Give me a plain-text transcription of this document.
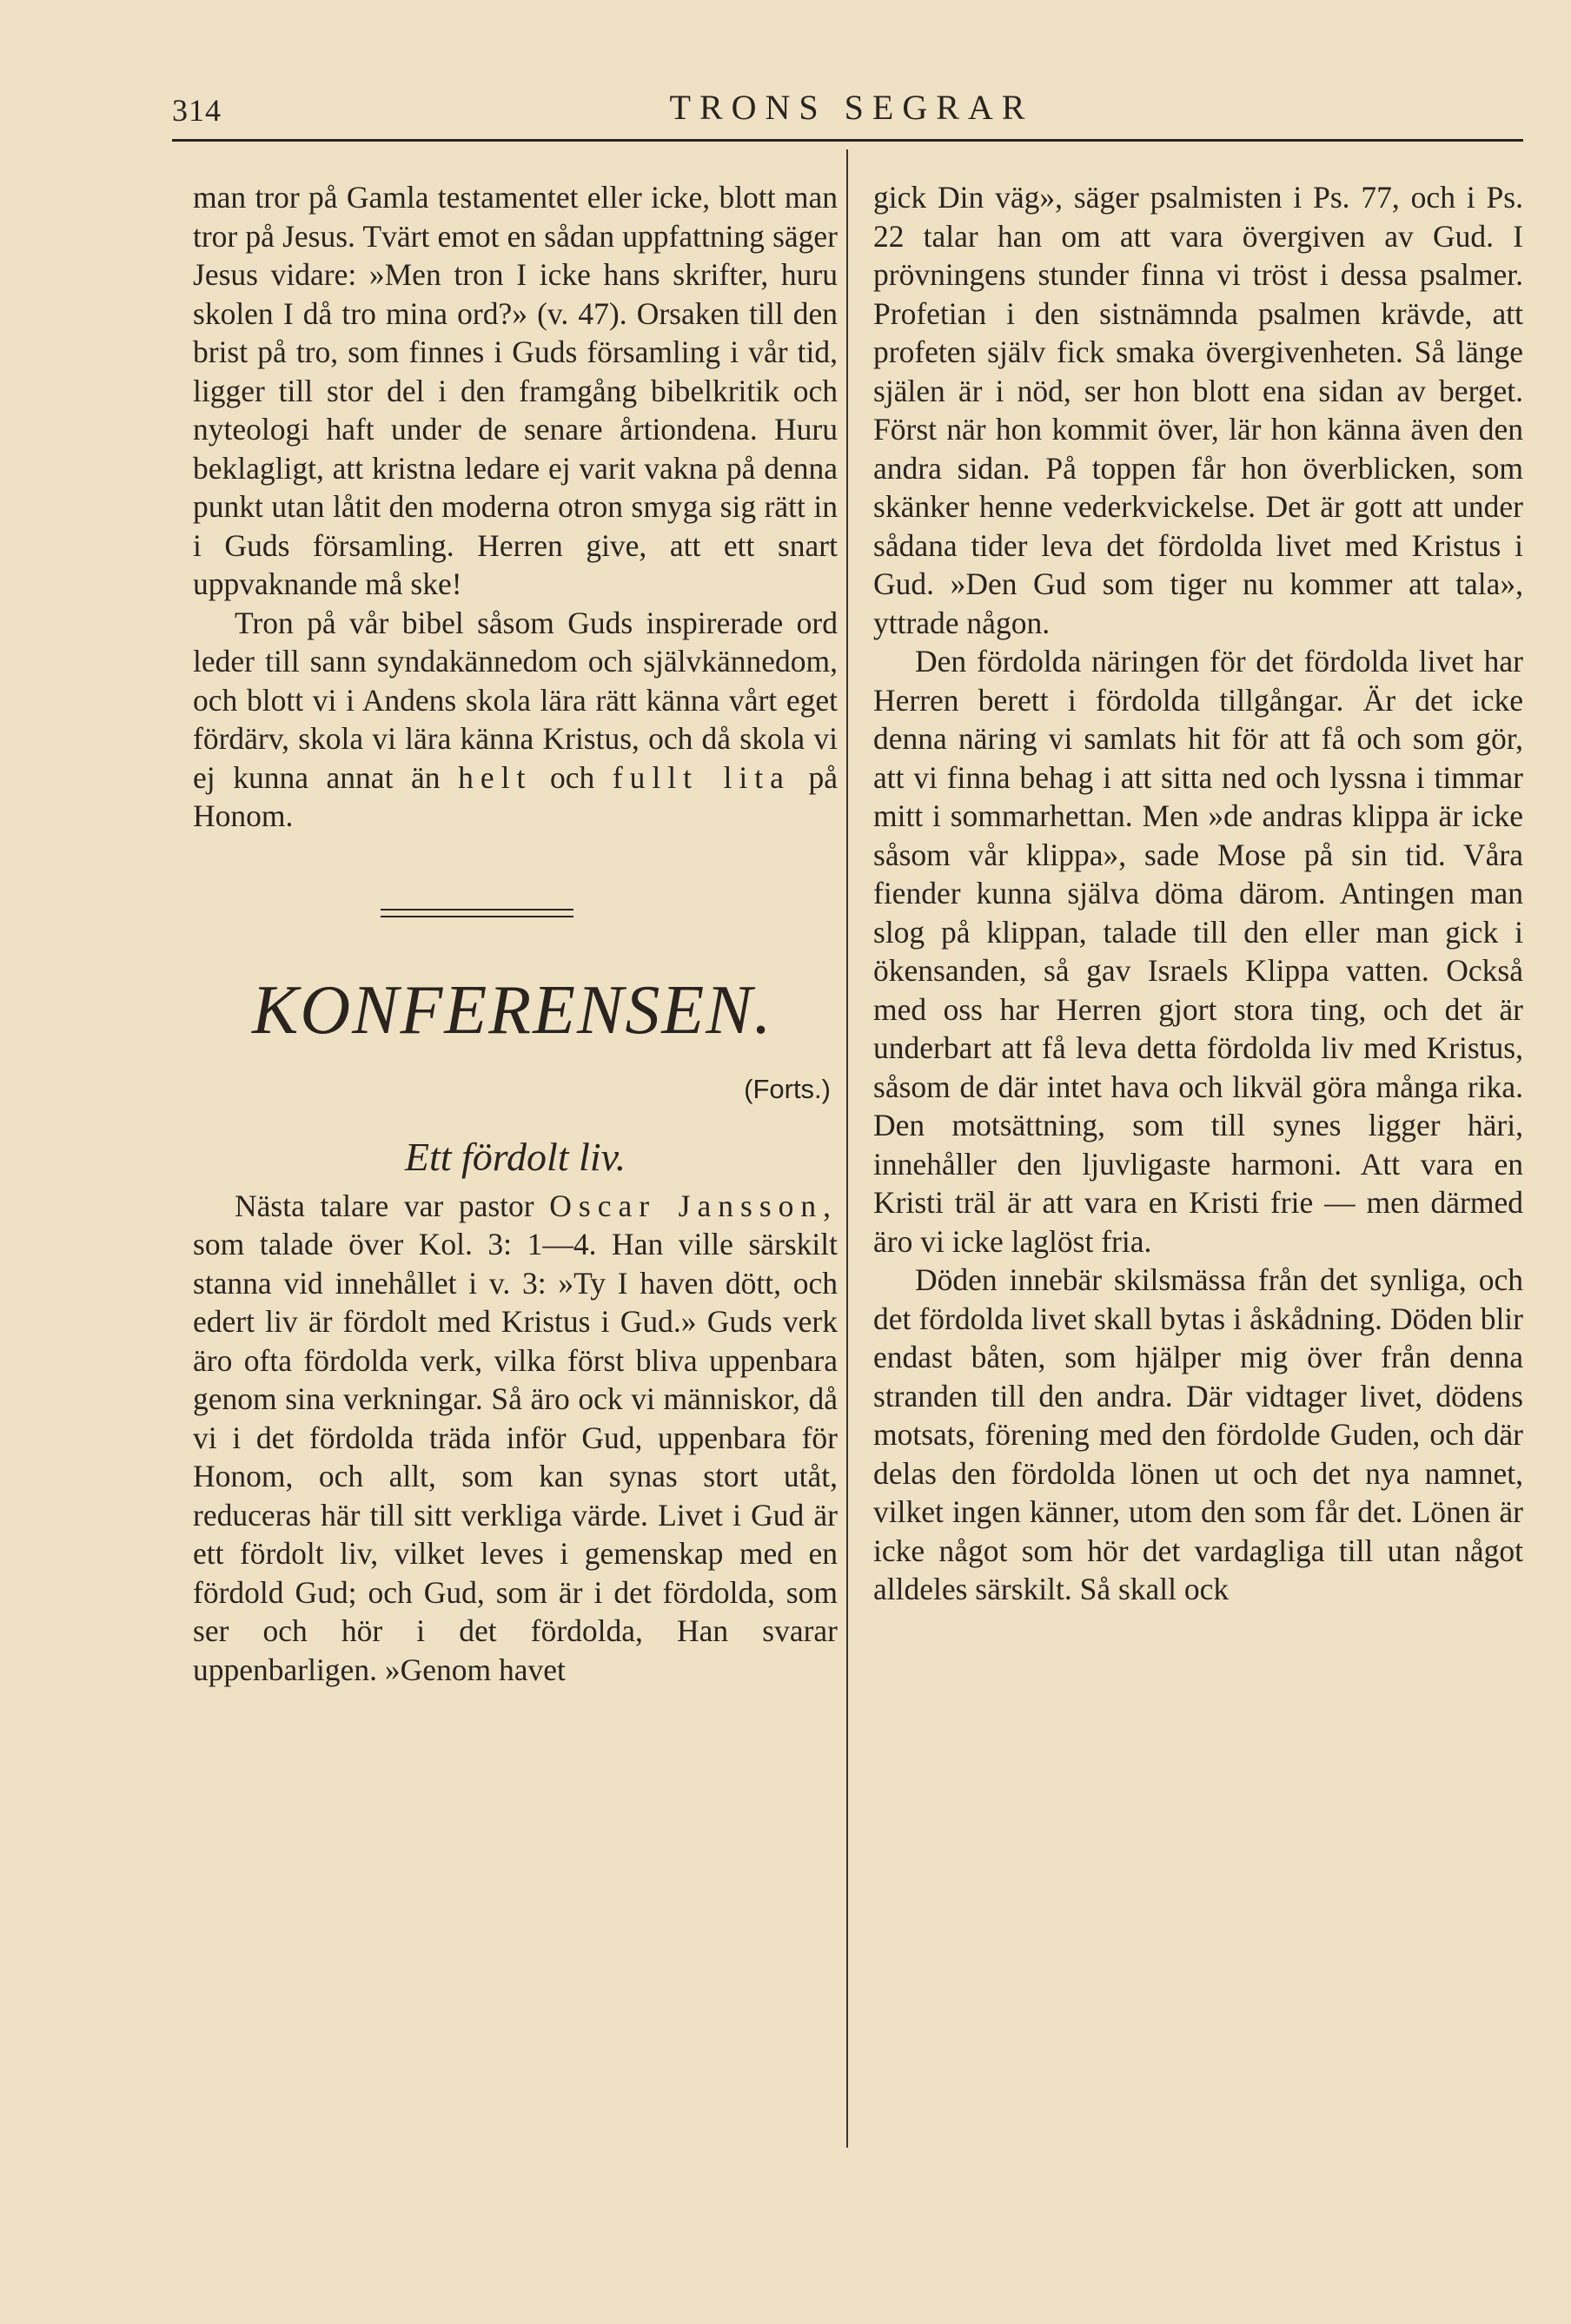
314	TRONS SEGRAR

man tror på Gamla testamentet eller icke, blott man tror på Jesus. Tvärt emot en sådan uppfattning säger Jesus vidare: »Men tron I icke hans skrifter, huru skolen I då tro mina ord?» (v. 47). Orsaken till den brist på tro, som finnes i Guds församling i vår tid, ligger till stor del i den framgång bibelkritik och nyteologi haft under de senare årtiondena. Huru beklagligt, att kristna ledare ej varit vakna på denna punkt utan låtit den moderna otron smyga sig rätt in i Guds församling. Herren give, att ett snart uppvaknande må ske!

Tron på vår bibel såsom Guds inspirerade ord leder till sann syndakännedom och självkännedom, och blott vi i Andens skola lära rätt känna vårt eget fördärv, skola vi lära känna Kristus, och då skola vi ej kunna annat än helt och fullt lita på Honom.

KONFERENSEN.
(Forts.)
Ett fördolt liv.

Nästa talare var pastor Oscar Jansson, som talade över Kol. 3: 1—4. Han ville särskilt stanna vid innehållet i v. 3: »Ty I haven dött, och edert liv är fördolt med Kristus i Gud.» Guds verk äro ofta fördolda verk, vilka först bliva uppenbara genom sina verkningar. Så äro ock vi människor, då vi i det fördolda träda inför Gud, uppenbara för Honom, och allt, som kan synas stort utåt, reduceras här till sitt verkliga värde. Livet i Gud är ett fördolt liv, vilket leves i gemenskap med en fördold Gud; och Gud, som är i det fördolda, som ser och hör i det fördolda, Han svarar uppenbarligen. »Genom havet

gick Din väg», säger psalmisten i Ps. 77, och i Ps. 22 talar han om att vara övergiven av Gud. I prövningens stunder finna vi tröst i dessa psalmer. Profetian i den sistnämnda psalmen krävde, att profeten själv fick smaka övergivenheten. Så länge själen är i nöd, ser hon blott ena sidan av berget. Först när hon kommit över, lär hon känna även den andra sidan. På toppen får hon överblicken, som skänker henne vederkvickelse. Det är gott att under sådana tider leva det fördolda livet med Kristus i Gud. »Den Gud som tiger nu kommer att tala», yttrade någon.

Den fördolda näringen för det fördolda livet har Herren berett i fördolda tillgångar. Är det icke denna näring vi samlats hit för att få och som gör, att vi finna behag i att sitta ned och lyssna i timmar mitt i sommarhettan. Men »de andras klippa är icke såsom vår klippa», sade Mose på sin tid. Våra fiender kunna själva döma därom. Antingen man slog på klippan, talade till den eller man gick i ökensanden, så gav Israels Klippa vatten. Också med oss har Herren gjort stora ting, och det är underbart att få leva detta fördolda liv med Kristus, såsom de där intet hava och likväl göra många rika. Den motsättning, som till synes ligger häri, innehåller den ljuvligaste harmoni. Att vara en Kristi träl är att vara en Kristi frie — men därmed äro vi icke laglöst fria.

Döden innebär skilsmässa från det synliga, och det fördolda livet skall bytas i åskådning. Döden blir endast båten, som hjälper mig över från denna stranden till den andra. Där vidtager livet, dödens motsats, förening med den fördolde Guden, och där delas den fördolda lönen ut och det nya namnet, vilket ingen känner, utom den som får det. Lönen är icke något som hör det vardagliga till utan något alldeles särskilt. Så skall ock
